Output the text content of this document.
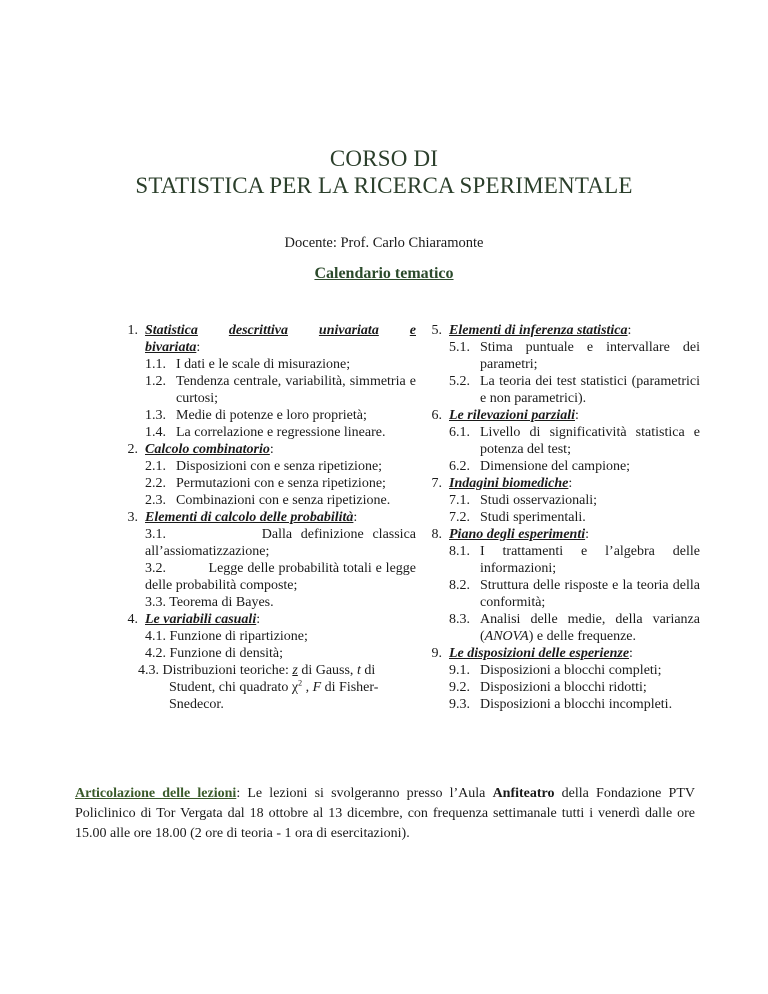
CORSO DI
STATISTICA PER LA RICERCA SPERIMENTALE
Docente: Prof. Carlo Chiaramonte
Calendario tematico
1. Statistica descrittiva univariata e
bivariata:
1.1. I dati e le scale di misurazione;
1.2. Tendenza centrale, variabilità, simmetria e curtosi;
1.3. Medie di potenze e loro proprietà;
1.4. La correlazione e regressione lineare.
2. Calcolo combinatorio:
2.1. Disposizioni con e senza ripetizione;
2.2. Permutazioni con e senza ripetizione;
2.3. Combinazioni con e senza ripetizione.
3. Elementi di calcolo delle probabilità:
3.1.	Dalla definizione classica all’assiomatizzazione;
3.2.	Legge delle probabilità totali e legge delle probabilità composte;
3.3. Teorema di Bayes.
4. Le variabili casuali:
4.1. Funzione di ripartizione;
4.2. Funzione di densità;
4.3. Distribuzioni teoriche: z di Gauss, t di
Student, chi quadrato $\chi^2$ , F di Fisher-
Snedecor.
5. Elementi di inferenza statistica:
5.1. Stima puntuale e intervallare dei parametri;
5.2. La teoria dei test statistici (parametrici e non parametrici).
6. Le rilevazioni parziali:
6.1. Livello di significatività statistica e potenza del test;
6.2. Dimensione del campione;
7. Indagini biomediche:
7.1. Studi osservazionali;
7.2. Studi sperimentali.
8. Piano degli esperimenti:
8.1. I trattamenti e l’algebra delle informazioni;
8.2. Struttura delle risposte e la teoria della conformità;
8.3. Analisi delle medie, della varianza (ANOVA) e delle frequenze.
9. Le disposizioni delle esperienze:
9.1. Disposizioni a blocchi completi;
9.2. Disposizioni a blocchi ridotti;
9.3. Disposizioni a blocchi incompleti.
Articolazione delle lezioni: Le lezioni si svolgeranno presso l’Aula Anfiteatro della Fondazione PTV Policlinico di Tor Vergata dal 18 ottobre al 13 dicembre, con frequenza settimanale tutti i venerdì dalle ore 15.00 alle ore 18.00 (2 ore di teoria - 1 ora di esercitazioni).
